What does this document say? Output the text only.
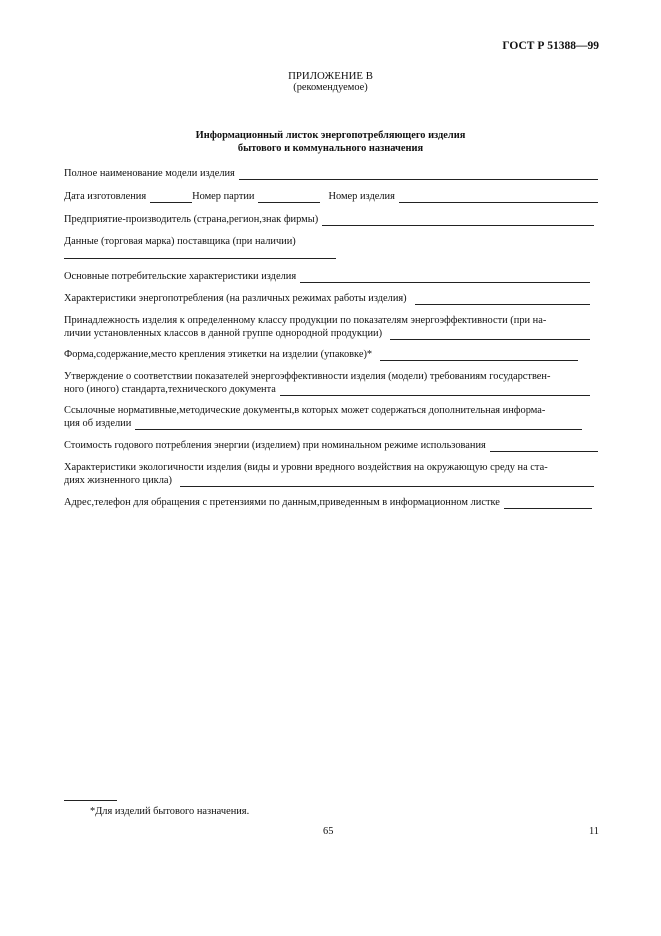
ГОСТ Р 51388—99
ПРИЛОЖЕНИЕ В
(рекомендуемое)
Информационный листок энергопотребляющего изделия
бытового и коммунального назначения
Полное наименование модели изделия
Дата изготовления	Номер партии	Номер изделия
Предприятие-производитель (страна,регион,знак фирмы)
Данные (торговая марка) поставщика (при наличии)
Основные потребительские характеристики изделия
Характеристики энергопотребления (на различных режимах работы изделия)
Принадлежность изделия к определенному классу продукции по показателям энергоэффективности (при на-
личии установленных классов в данной группе однородной продукции)
Форма,содержание,место крепления этикетки на изделии (упаковке)*
Утверждение о соответствии показателей энергоэффективности изделия (модели) требованиям государствен-
ного (иного) стандарта,технического документа
Ссылочные нормативные,методические документы,в которых может содержаться дополнительная информа-
ция об изделии
Стоимость годового потребления энергии (изделием) при номинальном режиме использования
Характеристики экологичности изделия (виды и уровни вредного воздействия на окружающую среду на ста-
диях жизненного цикла)
Адрес,телефон для обращения с претензиями по данным,приведенным в информационном листке
*Для изделий бытового назначения.
65	11
